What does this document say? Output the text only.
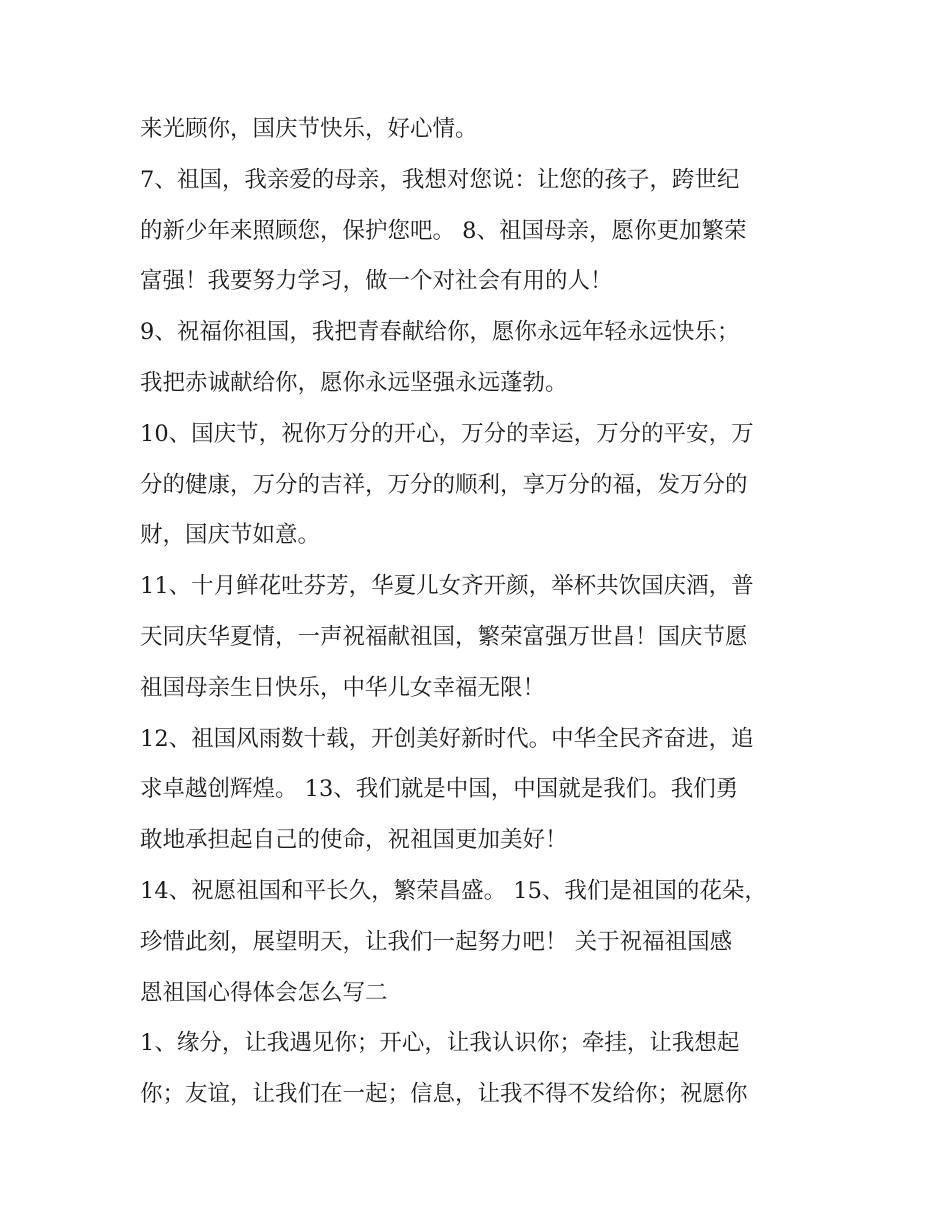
来光顾你，国庆节快乐，好心情。
7、祖国，我亲爱的母亲，我想对您说：让您的孩子，跨世纪
的新少年来照顾您，保护您吧。 8、祖国母亲，愿你更加繁荣
富强！我要努力学习，做一个对社会有用的人！
9、祝福你祖国，我把青春献给你，愿你永远年轻永远快乐；
我把赤诚献给你，愿你永远坚强永远蓬勃。
10、国庆节，祝你万分的开心，万分的幸运，万分的平安，万
分的健康，万分的吉祥，万分的顺利，享万分的福，发万分的
财，国庆节如意。
11、十月鲜花吐芬芳，华夏儿女齐开颜，举杯共饮国庆酒，普
天同庆华夏情，一声祝福献祖国，繁荣富强万世昌！国庆节愿
祖国母亲生日快乐，中华儿女幸福无限！
12、祖国风雨数十载，开创美好新时代。中华全民齐奋进，追
求卓越创辉煌。 13、我们就是中国，中国就是我们。我们勇
敢地承担起自己的使命，祝祖国更加美好！
14、祝愿祖国和平长久，繁荣昌盛。 15、我们是祖国的花朵，
珍惜此刻，展望明天，让我们一起努力吧！ 关于祝福祖国感
恩祖国心得体会怎么写二
1、缘分，让我遇见你；开心，让我认识你；牵挂，让我想起
你；友谊，让我们在一起；信息，让我不得不发给你；祝愿你
